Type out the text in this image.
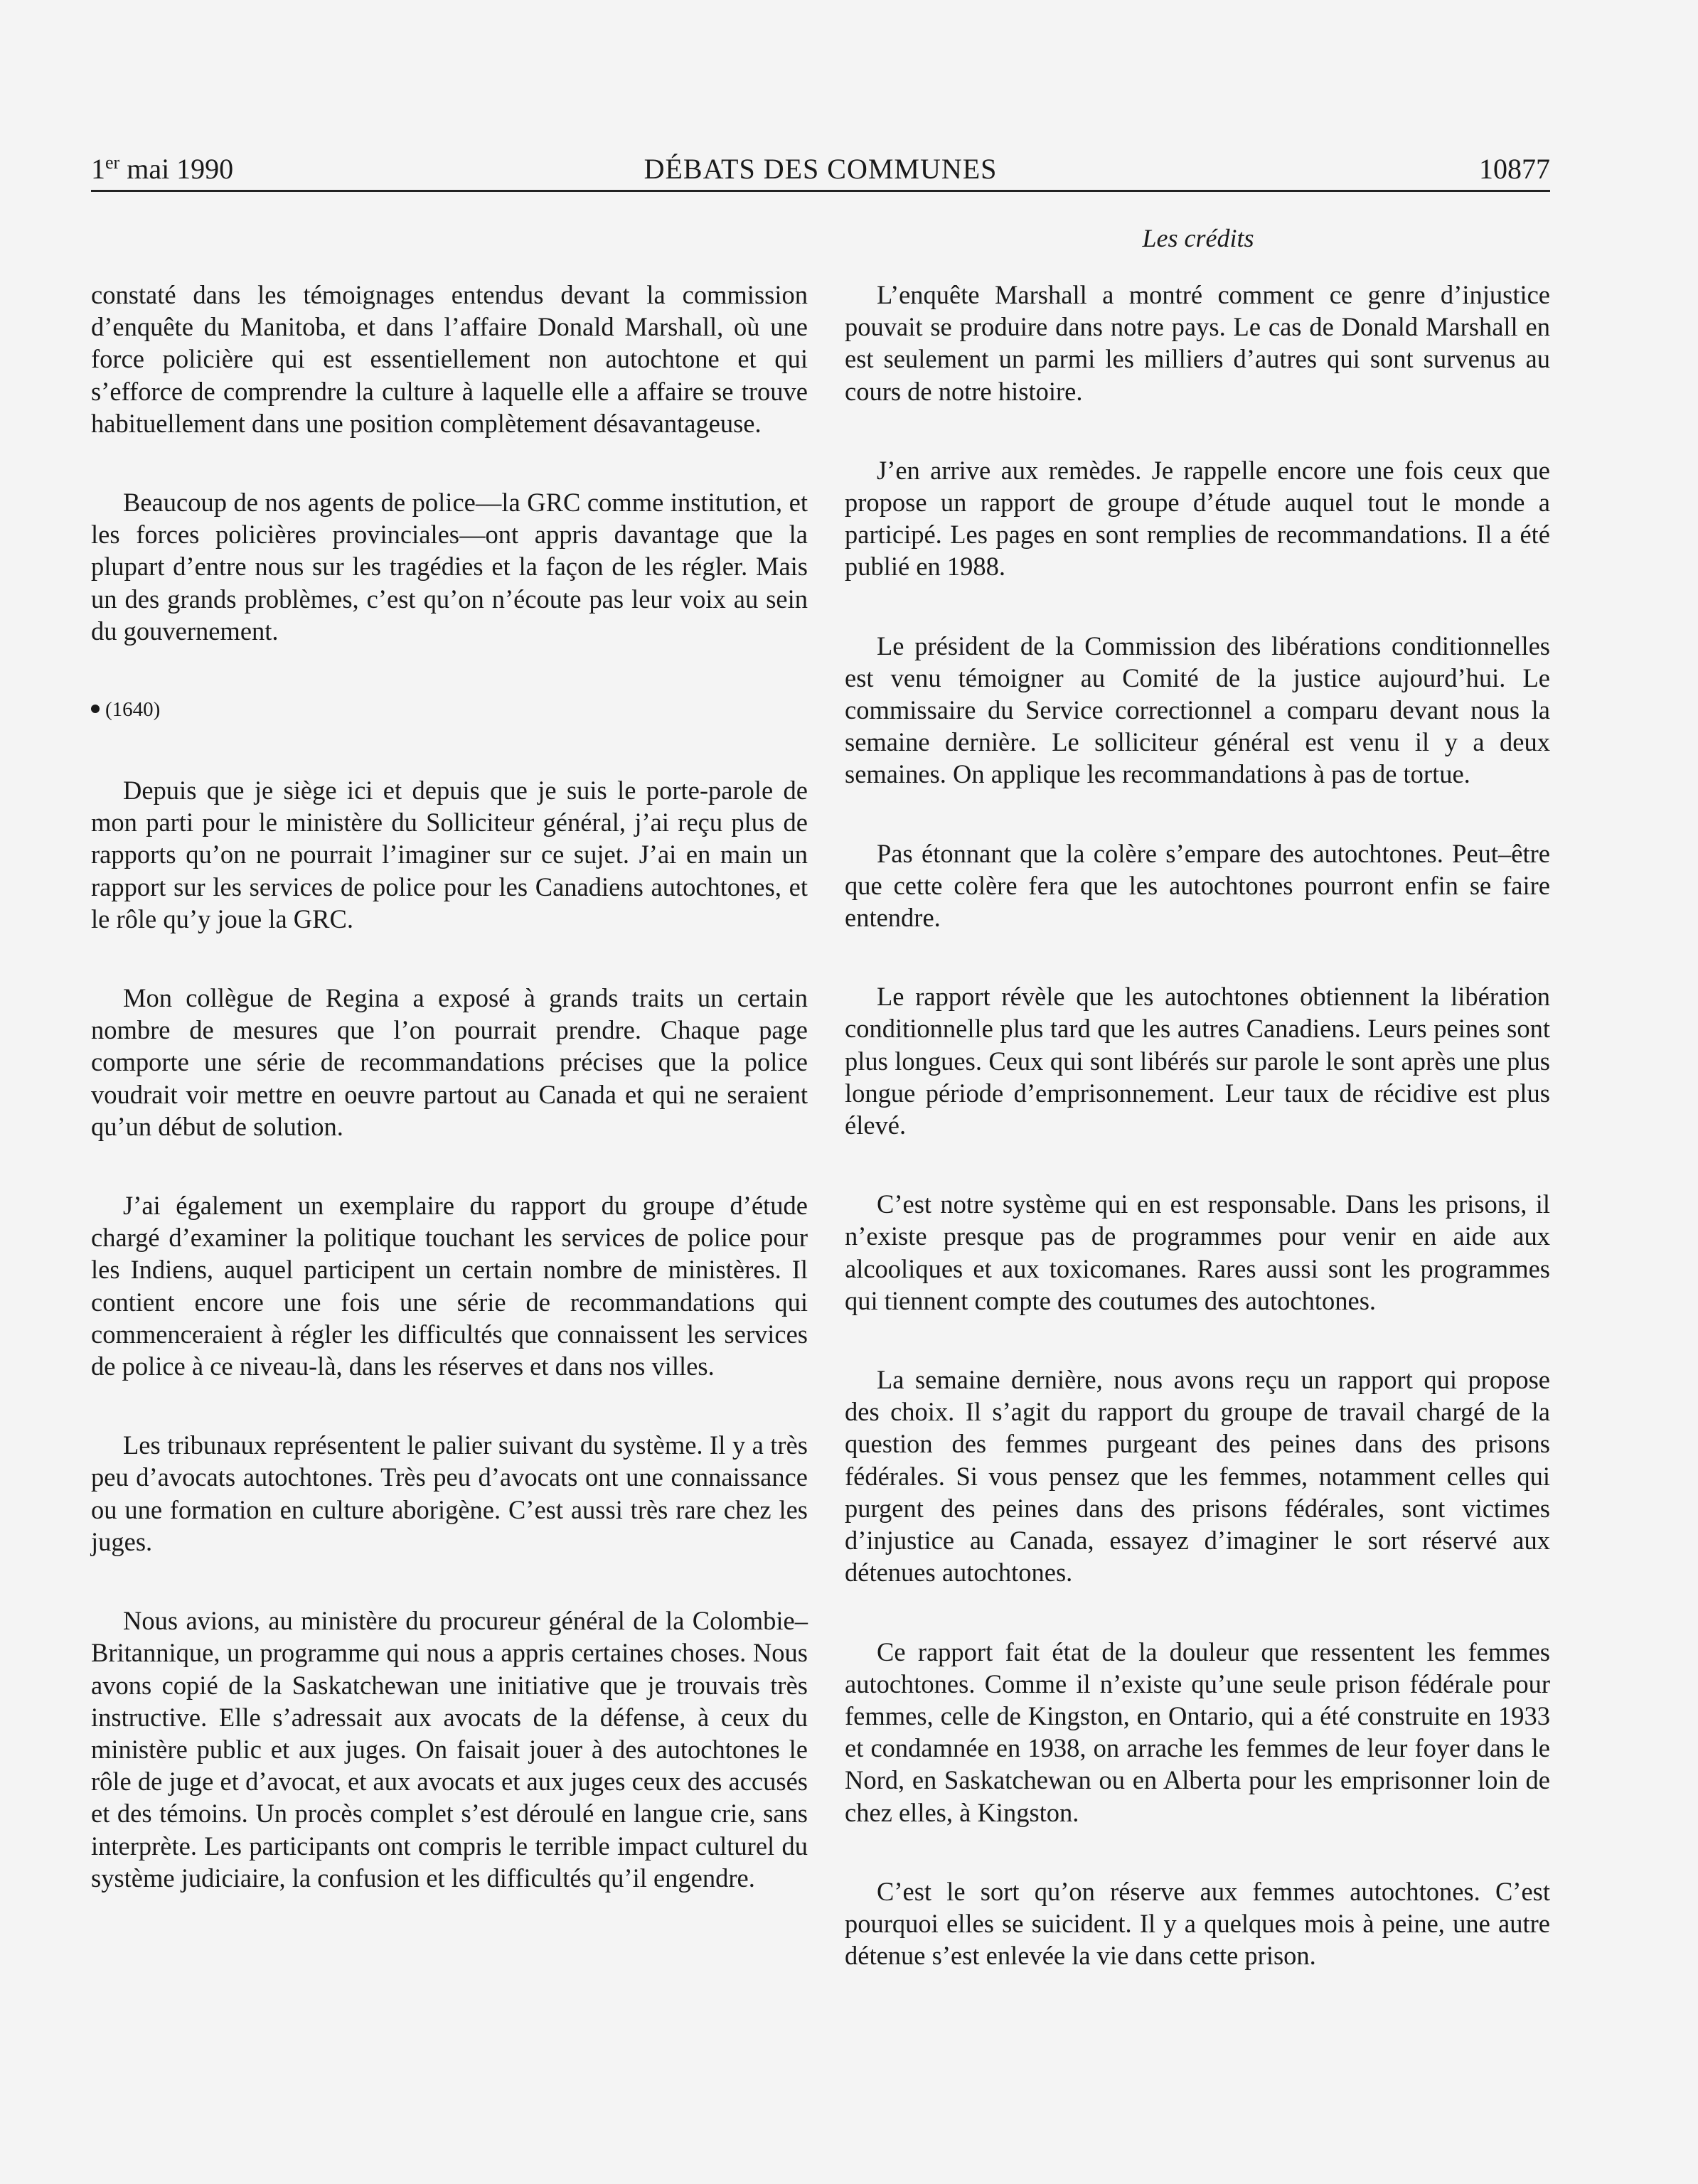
1er mai 1990	DÉBATS DES COMMUNES	10877
Les crédits

constaté dans les témoignages entendus devant la commission d’enquête du Manitoba, et dans l’affaire Donald Marshall, où une force policière qui est essentiellement non autochtone et qui s’efforce de comprendre la culture à laquelle elle a affaire se trouve habituellement dans une position complètement désavantageuse.

Beaucoup de nos agents de police—la GRC comme institution, et les forces policières provinciales—ont appris davantage que la plupart d’entre nous sur les tragédies et la façon de les régler. Mais un des grands problèmes, c’est qu’on n’écoute pas leur voix au sein du gouvernement.

(1640)

Depuis que je siège ici et depuis que je suis le porte-parole de mon parti pour le ministère du Solliciteur général, j’ai reçu plus de rapports qu’on ne pourrait l’imaginer sur ce sujet. J’ai en main un rapport sur les services de police pour les Canadiens autochtones, et le rôle qu’y joue la GRC.

Mon collègue de Regina a exposé à grands traits un certain nombre de mesures que l’on pourrait prendre. Chaque page comporte une série de recommandations précises que la police voudrait voir mettre en oeuvre partout au Canada et qui ne seraient qu’un début de solution.

J’ai également un exemplaire du rapport du groupe d’étude chargé d’examiner la politique touchant les services de police pour les Indiens, auquel participent un certain nombre de ministères. Il contient encore une fois une série de recommandations qui commenceraient à régler les difficultés que connaissent les services de police à ce niveau-là, dans les réserves et dans nos villes.

Les tribunaux représentent le palier suivant du système. Il y a très peu d’avocats autochtones. Très peu d’avocats ont une connaissance ou une formation en culture aborigène. C’est aussi très rare chez les juges.

Nous avions, au ministère du procureur général de la Colombie–Britannique, un programme qui nous a appris certaines choses. Nous avons copié de la Saskatchewan une initiative que je trouvais très instructive. Elle s’adressait aux avocats de la défense, à ceux du ministère public et aux juges. On faisait jouer à des autochtones le rôle de juge et d’avocat, et aux avocats et aux juges ceux des accusés et des témoins. Un procès complet s’est déroulé en langue crie, sans interprète. Les participants ont compris le terrible impact culturel du système judiciaire, la confusion et les difficultés qu’il engendre.

L’enquête Marshall a montré comment ce genre d’injustice pouvait se produire dans notre pays. Le cas de Donald Marshall en est seulement un parmi les milliers d’autres qui sont survenus au cours de notre histoire.

J’en arrive aux remèdes. Je rappelle encore une fois ceux que propose un rapport de groupe d’étude auquel tout le monde a participé. Les pages en sont remplies de recommandations. Il a été publié en 1988.

Le président de la Commission des libérations conditionnelles est venu témoigner au Comité de la justice aujourd’hui. Le commissaire du Service correctionnel a comparu devant nous la semaine dernière. Le solliciteur général est venu il y a deux semaines. On applique les recommandations à pas de tortue.

Pas étonnant que la colère s’empare des autochtones. Peut–être que cette colère fera que les autochtones pourront enfin se faire entendre.

Le rapport révèle que les autochtones obtiennent la libération conditionnelle plus tard que les autres Canadiens. Leurs peines sont plus longues. Ceux qui sont libérés sur parole le sont après une plus longue période d’emprisonnement. Leur taux de récidive est plus élevé.

C’est notre système qui en est responsable. Dans les prisons, il n’existe presque pas de programmes pour venir en aide aux alcooliques et aux toxicomanes. Rares aussi sont les programmes qui tiennent compte des coutumes des autochtones.

La semaine dernière, nous avons reçu un rapport qui propose des choix. Il s’agit du rapport du groupe de travail chargé de la question des femmes purgeant des peines dans des prisons fédérales. Si vous pensez que les femmes, notamment celles qui purgent des peines dans des prisons fédérales, sont victimes d’injustice au Canada, essayez d’imaginer le sort réservé aux détenues autochtones.

Ce rapport fait état de la douleur que ressentent les femmes autochtones. Comme il n’existe qu’une seule prison fédérale pour femmes, celle de Kingston, en Ontario, qui a été construite en 1933 et condamnée en 1938, on arrache les femmes de leur foyer dans le Nord, en Saskatchewan ou en Alberta pour les emprisonner loin de chez elles, à Kingston.

C’est le sort qu’on réserve aux femmes autochtones. C’est pourquoi elles se suicident. Il y a quelques mois à peine, une autre détenue s’est enlevée la vie dans cette prison.
